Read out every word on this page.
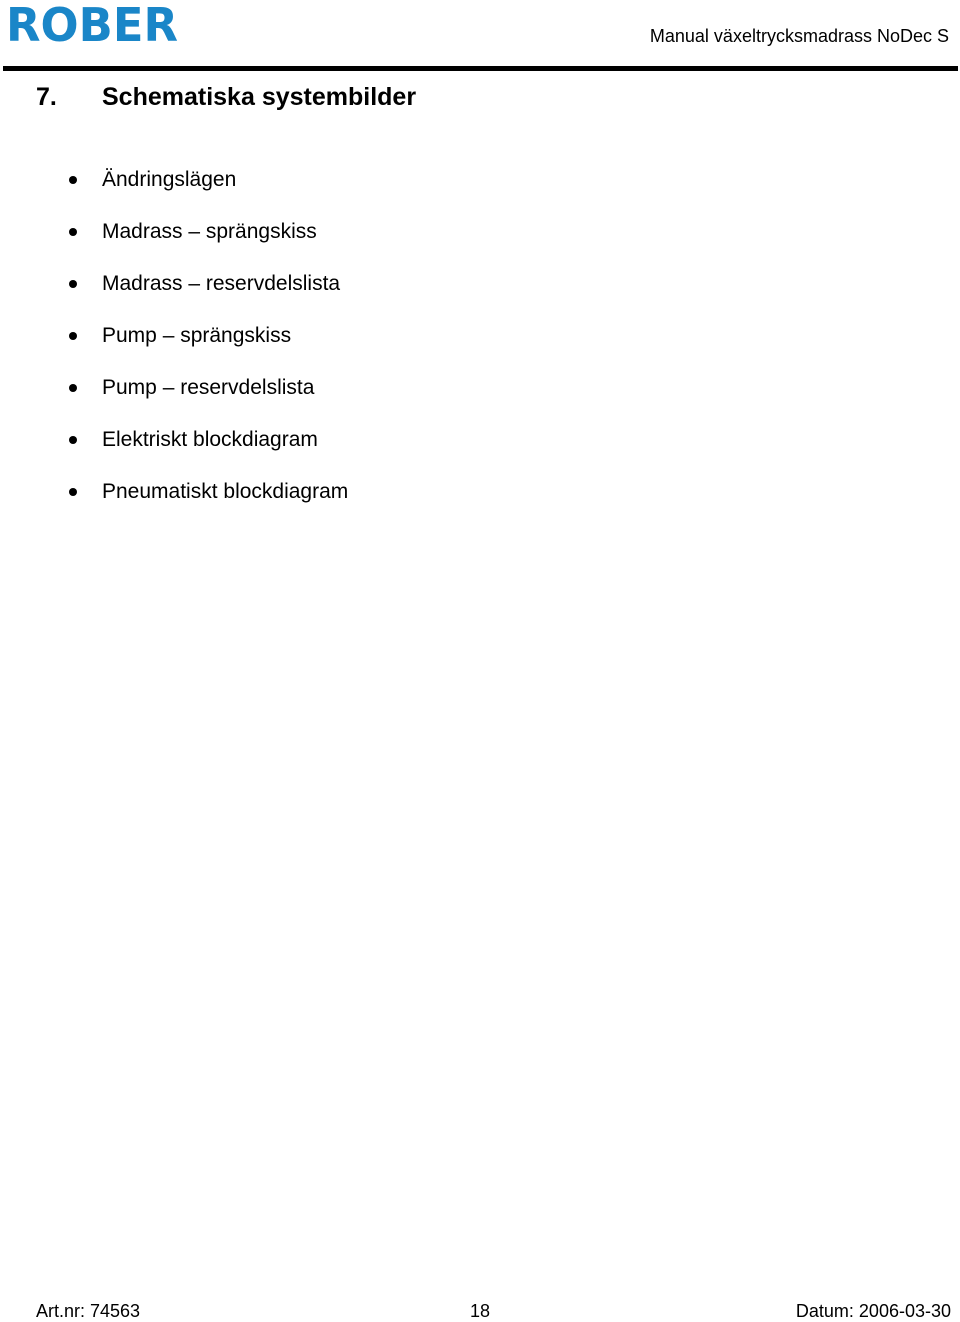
ROBER	Manual växeltrycksmadrass NoDec S
7. Schematiska systembilder
Ändringslägen
Madrass – sprängskiss
Madrass – reservdelslista
Pump – sprängskiss
Pump – reservdelslista
Elektriskt blockdiagram
Pneumatiskt blockdiagram
Art.nr: 74563	18	Datum: 2006-03-30
